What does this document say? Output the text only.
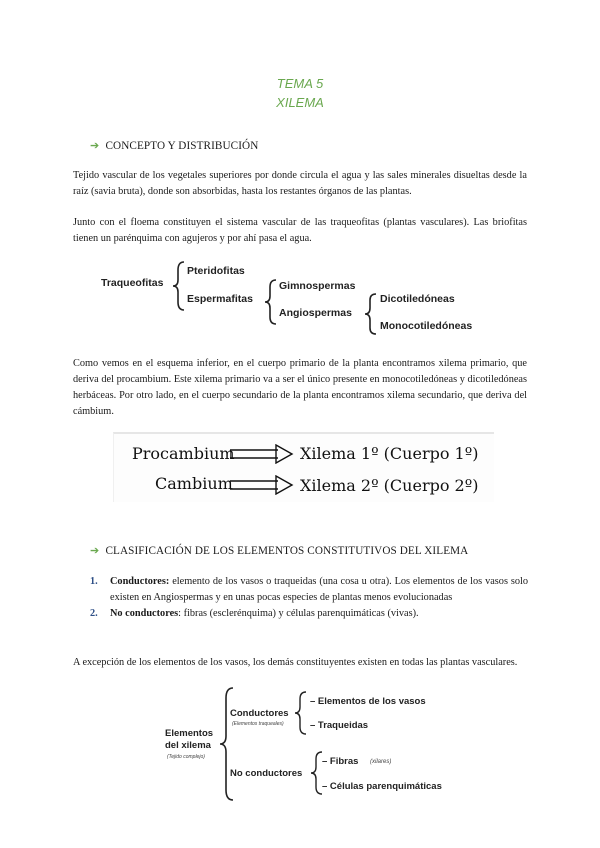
TEMA 5
XILEMA
➔ CONCEPTO Y DISTRIBUCIÓN
Tejido vascular de los vegetales superiores por donde circula el agua y las sales minerales disueltas desde la raíz (savia bruta), donde son absorbidas, hasta los restantes órganos de las plantas.
Junto con el floema constituyen el sistema vascular de las traqueofitas (plantas vasculares). Las briofitas tienen un parénquima con agujeros y por ahí pasa el agua.
Traqueofitas
Pteridofitas
Espermafitas
Gimnospermas
Angiospermas
Dicotiledóneas
Monocotiledóneas
Como vemos en el esquema inferior, en el cuerpo primario de la planta encontramos xilema primario, que deriva del procambium. Este xilema primario va a ser el único presente en monocotiledóneas y dicotiledóneas herbáceas. Por otro lado, en el cuerpo secundario de la planta encontramos xilema secundario, que deriva del cámbium.
Procambium	Xilema 1º (Cuerpo 1º)
Cambium	Xilema 2º (Cuerpo 2º)
➔ CLASIFICACIÓN DE LOS ELEMENTOS CONSTITUTIVOS DEL XILEMA
1.	Conductores: elemento de los vasos o traqueidas (una cosa u otra). Los elementos de los vasos solo existen en Angiospermas y en unas pocas especies de plantas menos evolucionadas
2.	No conductores: fibras (esclerénquima) y células parenquimáticas (vivas).
A excepción de los elementos de los vasos, los demás constituyentes existen en todas las plantas vasculares.
Elementos
del xilema
(Tejido complejo)
Conductores
(Elementos traqueales)
– Elementos de los vasos
– Traqueidas
No conductores
– Fibras (xilares)
– Células parenquimáticas
